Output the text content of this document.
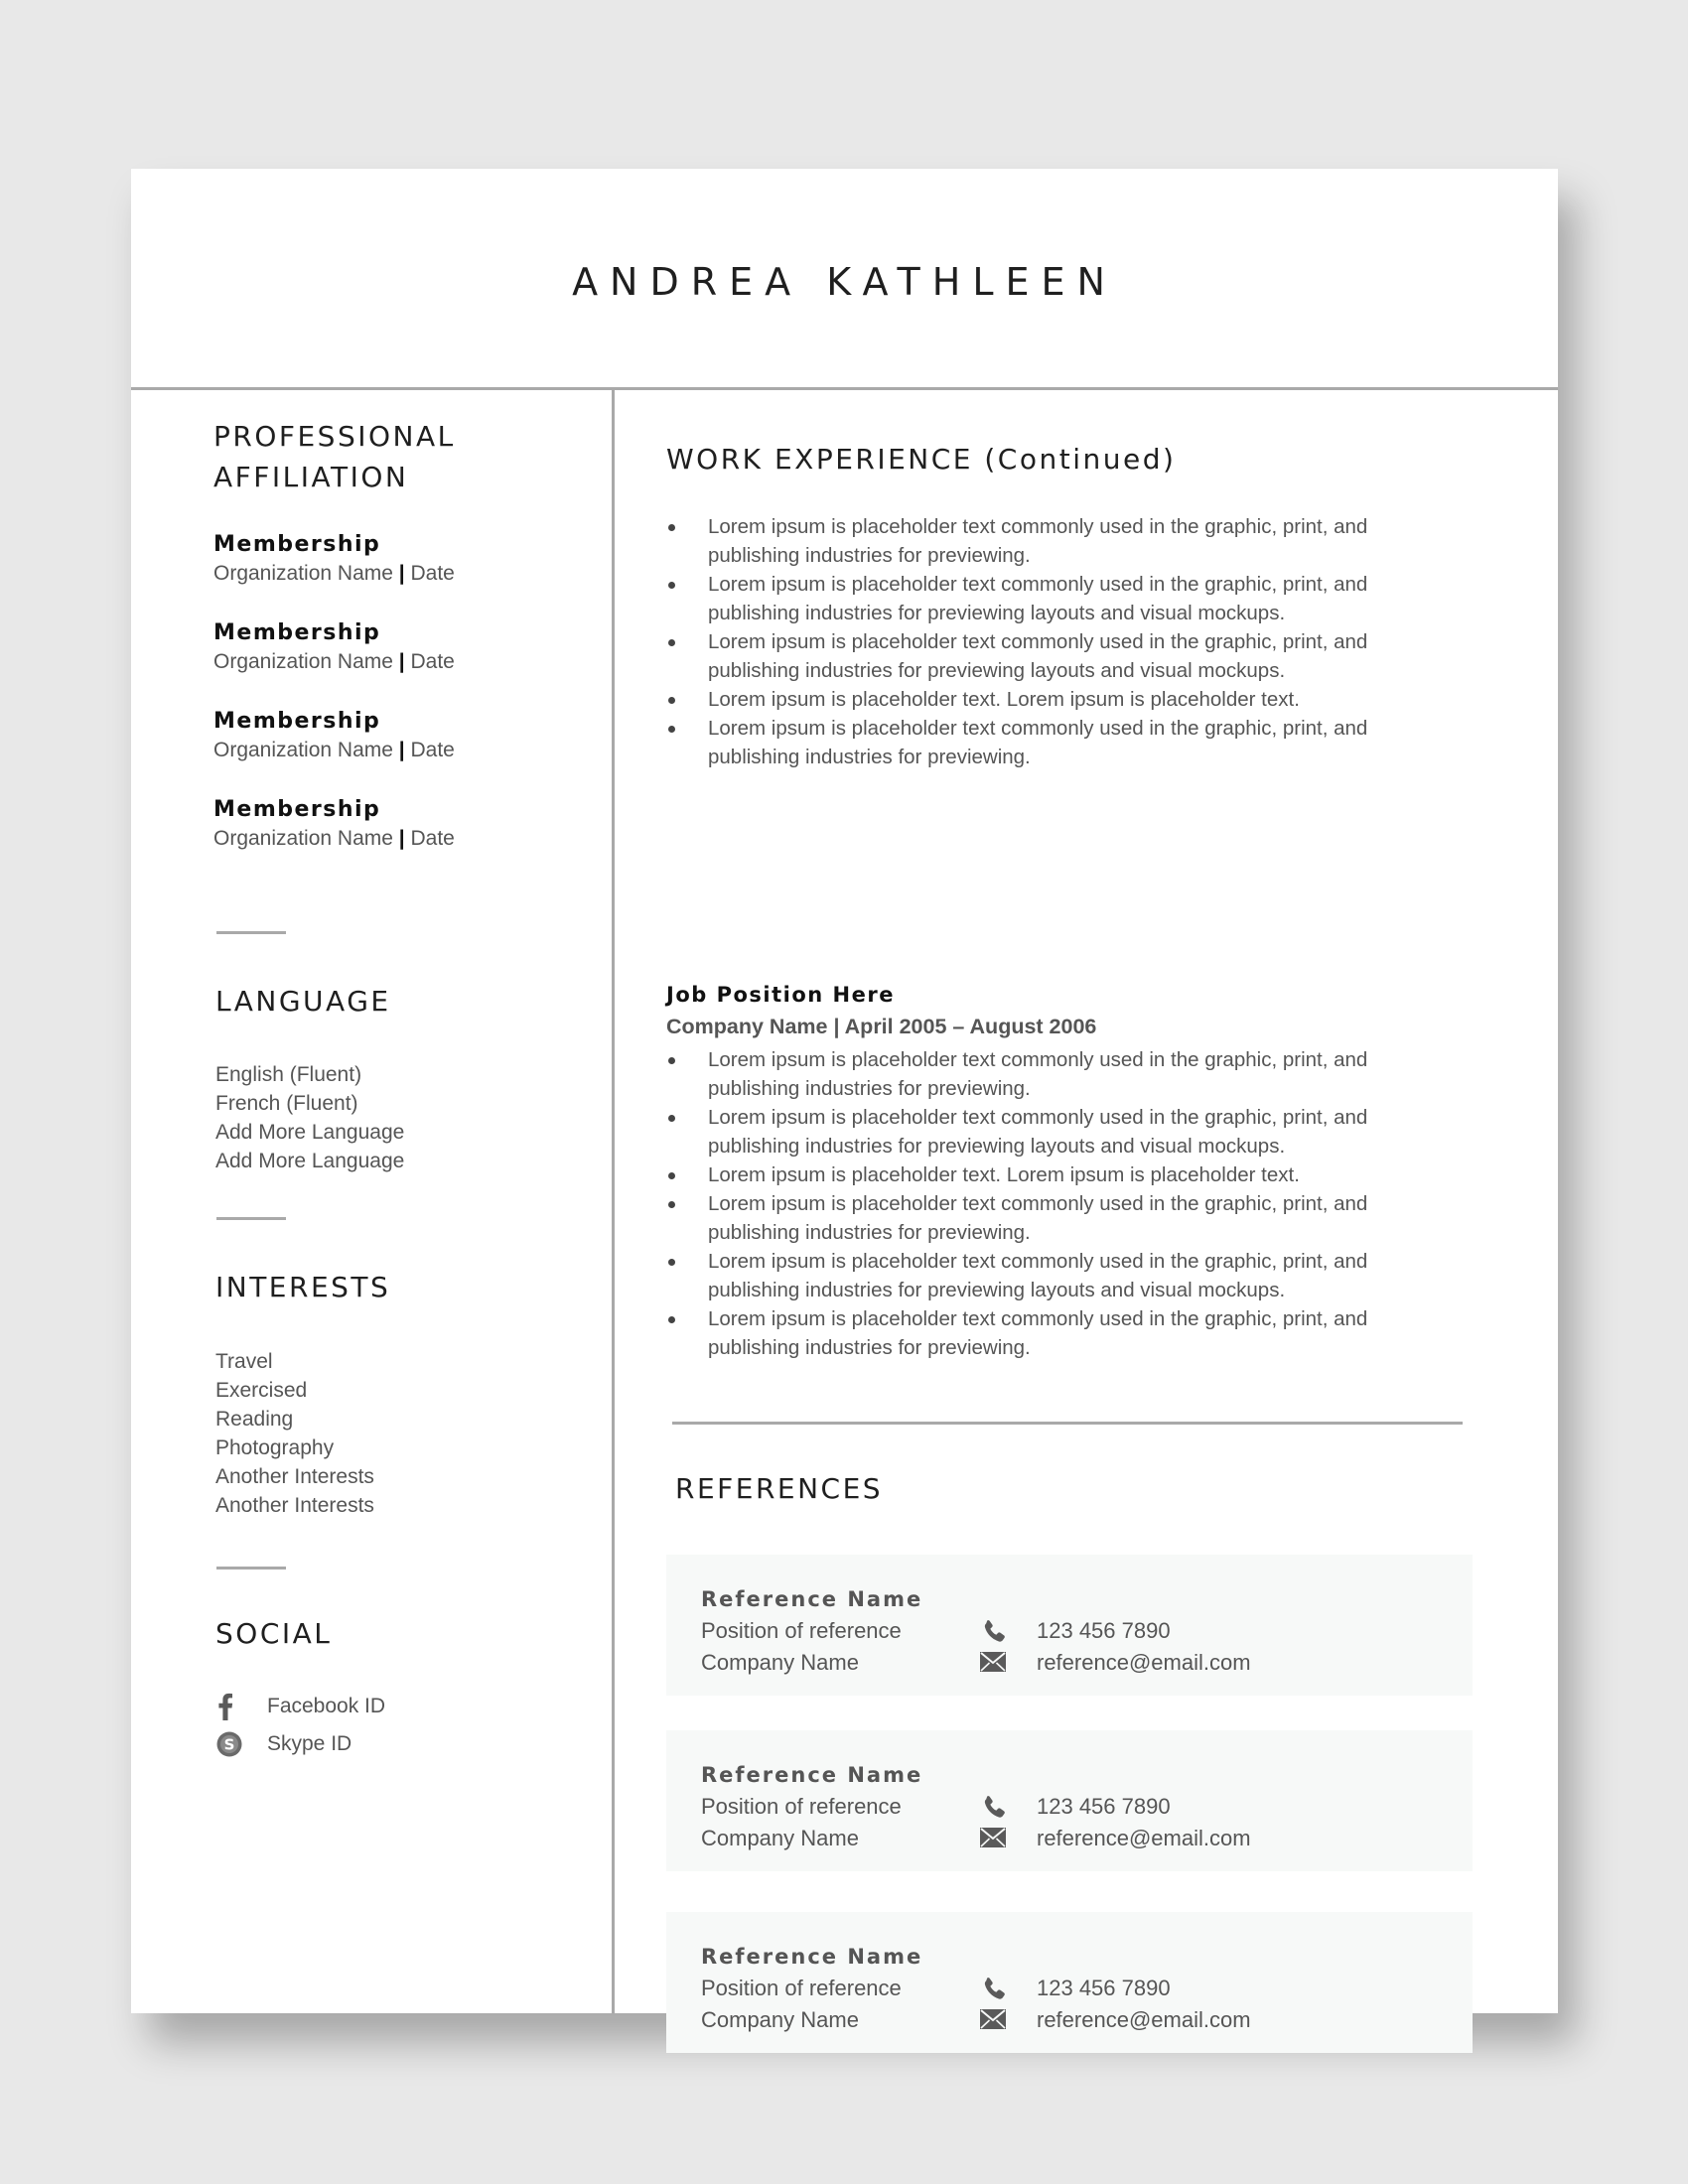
ANDREA KATHLEEN
PROFESSIONAL
AFFILIATION
Membership
Organization Name | Date
Membership
Organization Name | Date
Membership
Organization Name | Date
Membership
Organization Name | Date
LANGUAGE
English (Fluent)
French (Fluent)
Add More Language
Add More Language
INTERESTS
Travel
Exercised
Reading
Photography
Another Interests
Another Interests
SOCIAL
Facebook ID
S Skype ID
WORK EXPERIENCE (Continued)
Lorem ipsum is placeholder text commonly used in the graphic, print, and
publishing industries for previewing.
Lorem ipsum is placeholder text commonly used in the graphic, print, and
publishing industries for previewing layouts and visual mockups.
Lorem ipsum is placeholder text commonly used in the graphic, print, and
publishing industries for previewing layouts and visual mockups.
Lorem ipsum is placeholder text. Lorem ipsum is placeholder text.
Lorem ipsum is placeholder text commonly used in the graphic, print, and
publishing industries for previewing.
Job Position Here
Company Name | April 2005 – August 2006
Lorem ipsum is placeholder text commonly used in the graphic, print, and
publishing industries for previewing.
Lorem ipsum is placeholder text commonly used in the graphic, print, and
publishing industries for previewing layouts and visual mockups.
Lorem ipsum is placeholder text. Lorem ipsum is placeholder text.
Lorem ipsum is placeholder text commonly used in the graphic, print, and
publishing industries for previewing.
Lorem ipsum is placeholder text commonly used in the graphic, print, and
publishing industries for previewing layouts and visual mockups.
Lorem ipsum is placeholder text commonly used in the graphic, print, and
publishing industries for previewing.
REFERENCES
Reference Name
Position of reference
Company Name
123 456 7890
reference@email.com
Reference Name
Position of reference
Company Name
123 456 7890
reference@email.com
Reference Name
Position of reference
Company Name
123 456 7890
reference@email.com
